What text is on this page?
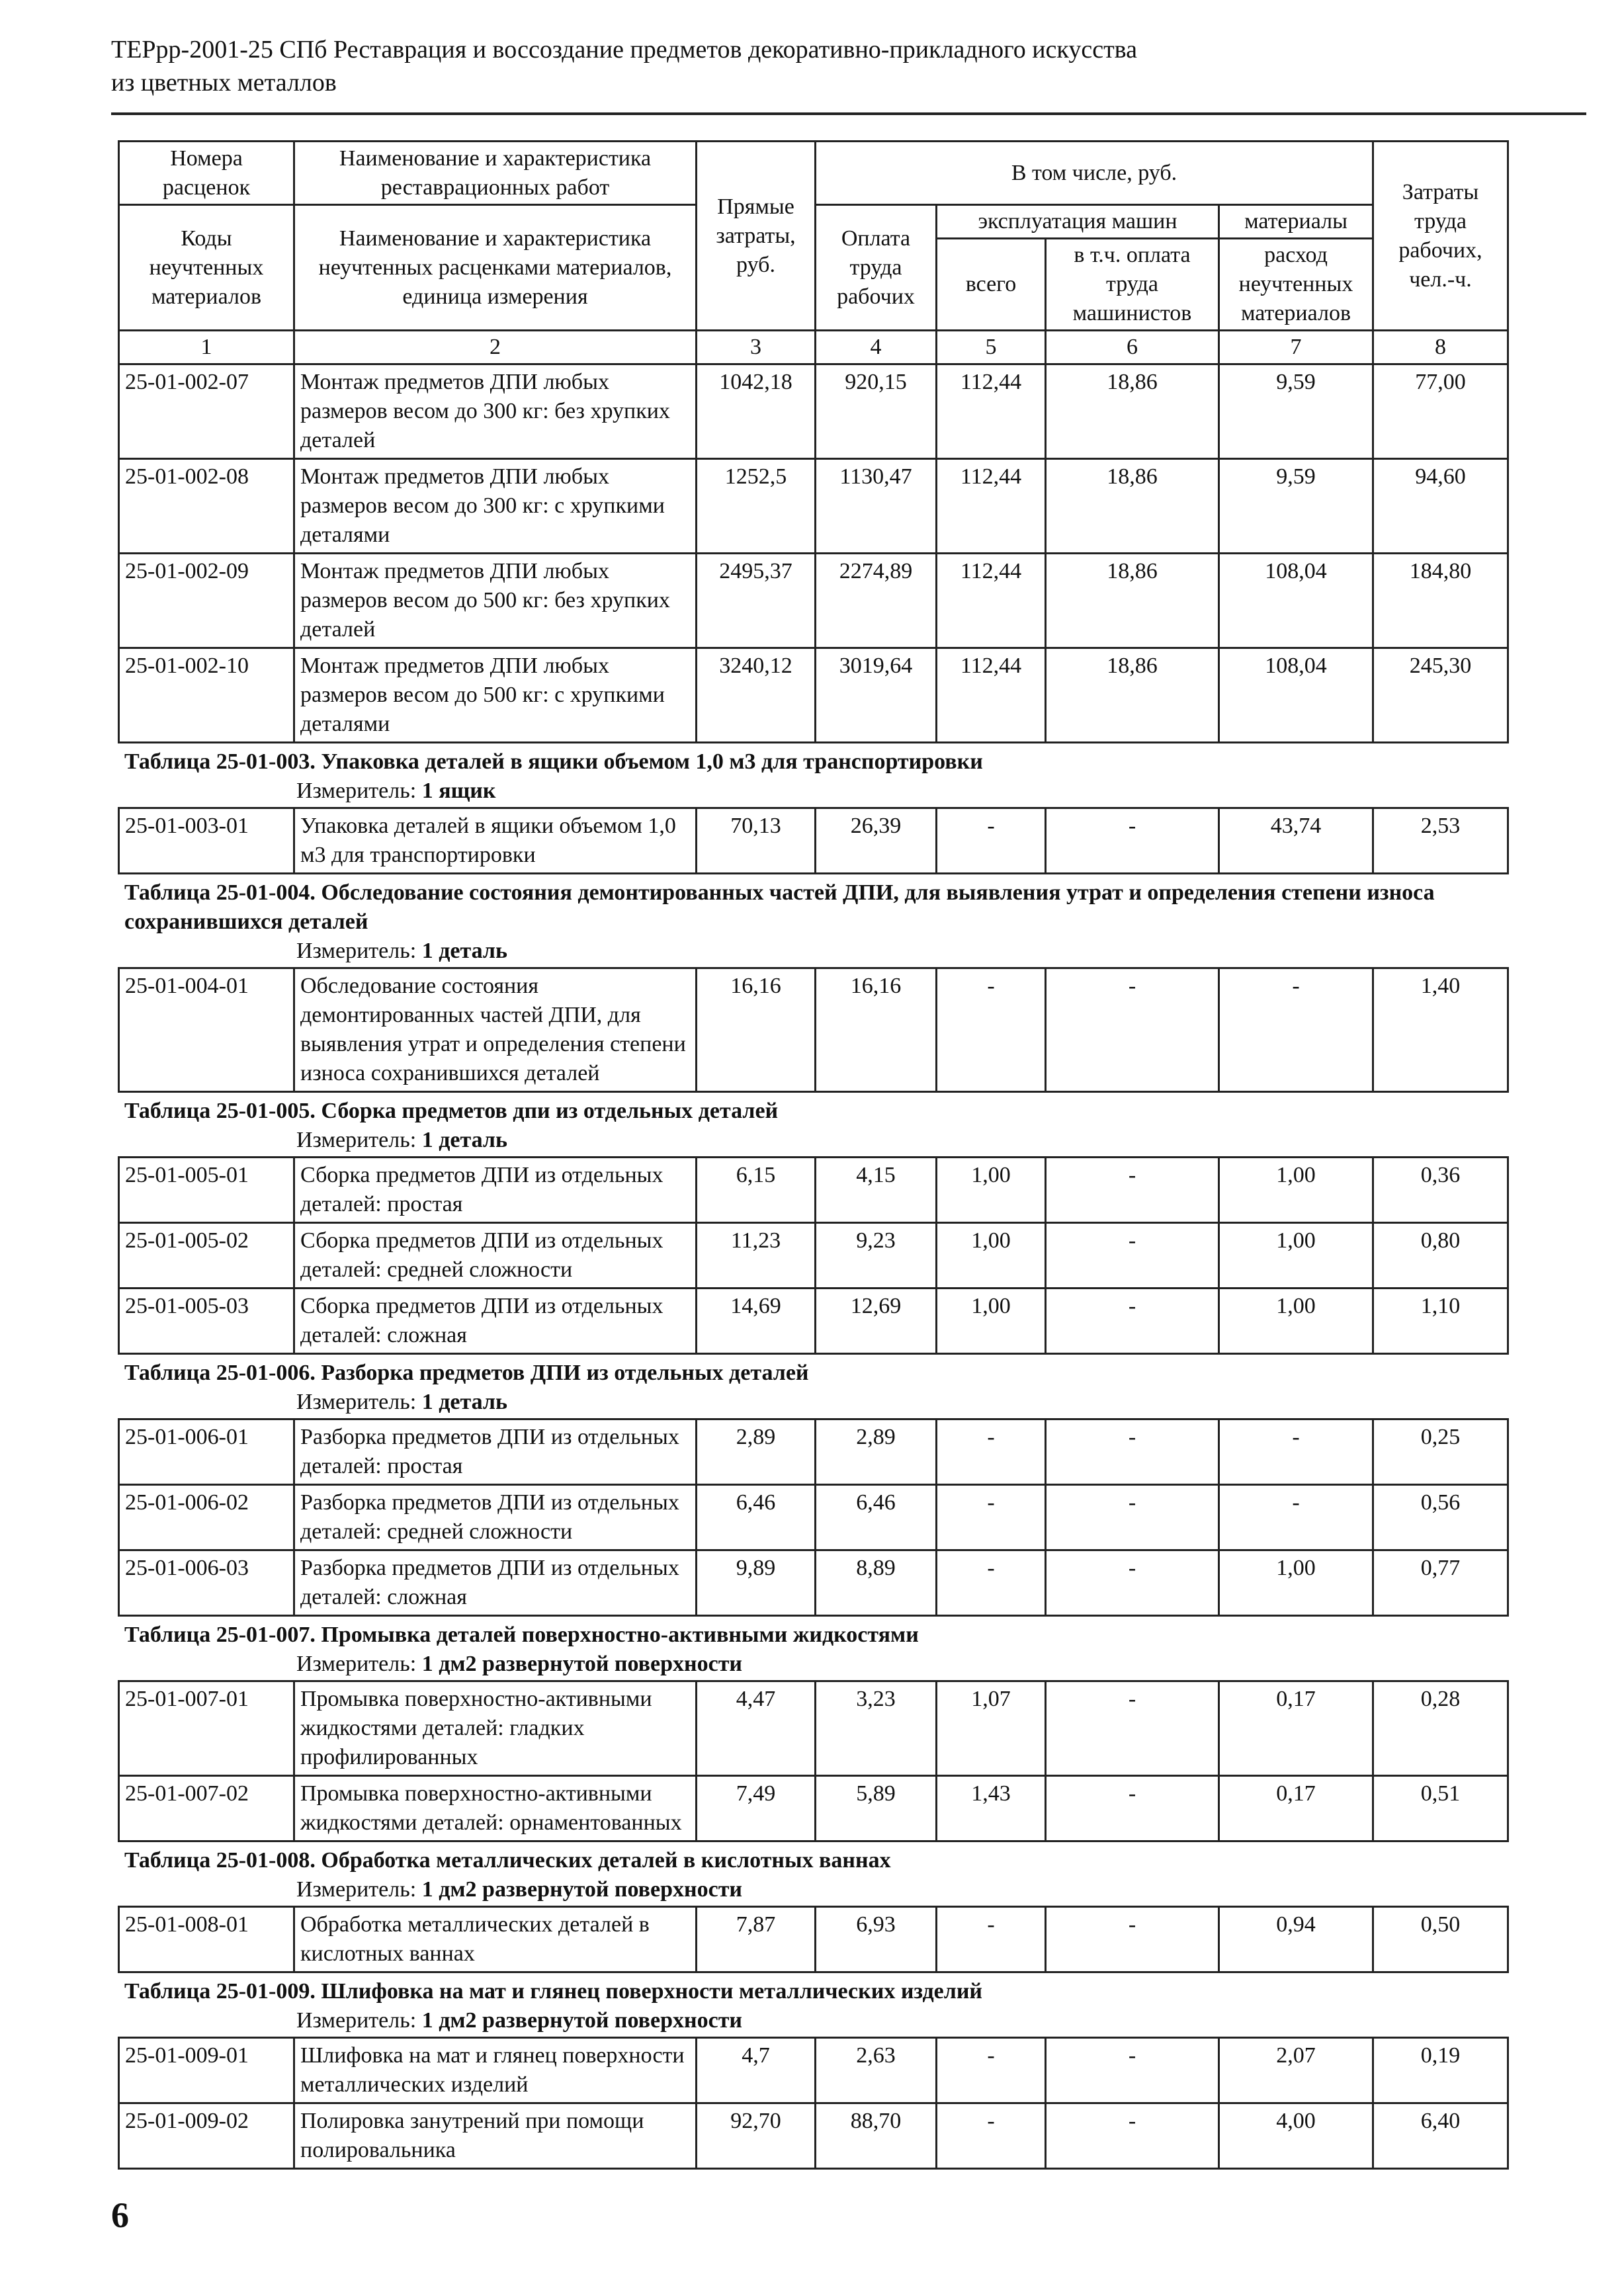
ТЕРрр-2001-25 СПб Реставрация и воссоздание предметов декоративно-прикладного искусства
из цветных металлов
Номера расценок	Наименование и характеристика реставрационных работ	Прямые затраты, руб.	В том числе, руб.				Затраты труда рабочих, чел.-ч.
Коды неучтенных материалов	Наименование и характеристика неучтенных расценками материалов, единица измерения		Оплата труда рабочих	эксплуатация машин		материалы	
				всего	в т.ч. оплата труда машинистов	расход неучтенных материалов	
1	2	3	4	5	6	7	8
25-01-002-07	Монтаж предметов ДПИ любых размеров весом до 300 кг: без хрупких деталей	1042,18	920,15	112,44	18,86	9,59	77,00
25-01-002-08	Монтаж предметов ДПИ любых размеров весом до 300 кг: с хрупкими деталями	1252,5	1130,47	112,44	18,86	9,59	94,60
25-01-002-09	Монтаж предметов ДПИ любых размеров весом до 500 кг: без хрупких деталей	2495,37	2274,89	112,44	18,86	108,04	184,80
25-01-002-10	Монтаж предметов ДПИ любых размеров весом до 500 кг: с хрупкими деталями	3240,12	3019,64	112,44	18,86	108,04	245,30
Таблица 25-01-003. Упаковка деталей в ящики объемом 1,0 м3 для транспортировки
Измеритель: 1 ящик
25-01-003-01	Упаковка деталей в ящики объемом 1,0 м3 для транспортировки	70,13	26,39	-	-	43,74	2,53
Таблица 25-01-004. Обследование состояния демонтированных частей ДПИ, для выявления утрат и определения степени износа сохранившихся деталей
Измеритель: 1 деталь
25-01-004-01	Обследование состояния демонтированных частей ДПИ, для выявления утрат и определения степени износа сохранившихся деталей	16,16	16,16	-	-	-	1,40
Таблица 25-01-005. Сборка предметов дпи из отдельных деталей
Измеритель: 1 деталь
25-01-005-01	Сборка предметов ДПИ из отдельных деталей: простая	6,15	4,15	1,00	-	1,00	0,36
25-01-005-02	Сборка предметов ДПИ из отдельных деталей: средней сложности	11,23	9,23	1,00	-	1,00	0,80
25-01-005-03	Сборка предметов ДПИ из отдельных деталей: сложная	14,69	12,69	1,00	-	1,00	1,10
Таблица 25-01-006. Разборка предметов ДПИ из отдельных деталей
Измеритель: 1 деталь
25-01-006-01	Разборка предметов ДПИ из отдельных деталей: простая	2,89	2,89	-	-	-	0,25
25-01-006-02	Разборка предметов ДПИ из отдельных деталей: средней сложности	6,46	6,46	-	-	-	0,56
25-01-006-03	Разборка предметов ДПИ из отдельных деталей: сложная	9,89	8,89	-	-	1,00	0,77
Таблица 25-01-007. Промывка деталей поверхностно-активными жидкостями
Измеритель: 1 дм2 развернутой поверхности
25-01-007-01	Промывка поверхностно-активными жидкостями деталей: гладких профилированных	4,47	3,23	1,07	-	0,17	0,28
25-01-007-02	Промывка поверхностно-активными жидкостями деталей: орнаментованных	7,49	5,89	1,43	-	0,17	0,51
Таблица 25-01-008. Обработка металлических деталей в кислотных ваннах
Измеритель: 1 дм2 развернутой поверхности
25-01-008-01	Обработка металлических деталей в кислотных ваннах	7,87	6,93	-	-	0,94	0,50
Таблица 25-01-009. Шлифовка на мат и глянец поверхности металлических изделий
Измеритель: 1 дм2 развернутой поверхности
25-01-009-01	Шлифовка на мат и глянец поверхности металлических изделий	4,7	2,63	-	-	2,07	0,19
25-01-009-02	Полировка занутрений при помощи полировальника	92,70	88,70	-	-	4,00	6,40
6
